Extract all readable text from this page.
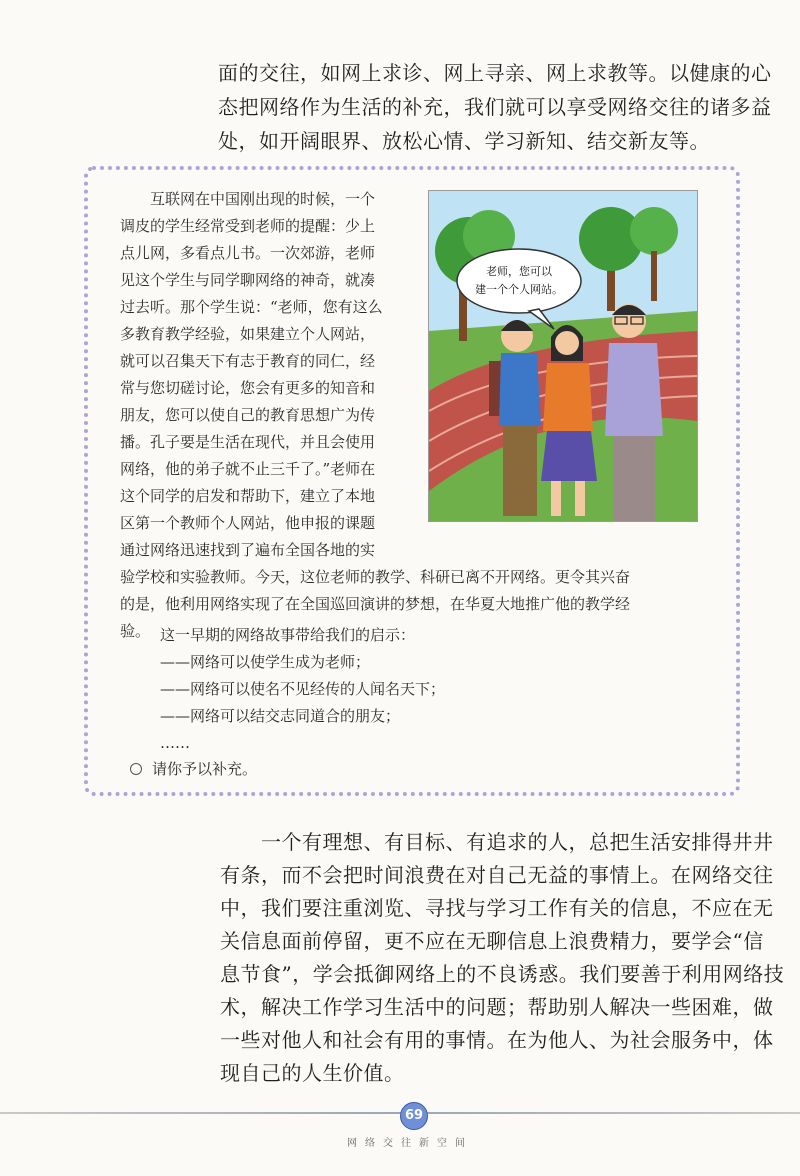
面的交往，如网上求诊、网上寻亲、网上求教等。以健康的心

态把网络作为生活的补充，我们就可以享受网络交往的诸多益

处，如开阔眼界、放松心情、学习新知、结交新友等。

　　互联网在中国刚出现的时候，一个

调皮的学生经常受到老师的提醒：少上

点儿网，多看点儿书。一次郊游，老师

见这个学生与同学聊网络的神奇，就凑

过去听。那个学生说：“老师，您有这么

多教育教学经验，如果建立个人网站，

就可以召集天下有志于教育的同仁，经

常与您切磋讨论，您会有更多的知音和

朋友，您可以使自己的教育思想广为传

播。孔子要是生活在现代，并且会使用

网络，他的弟子就不止三千了。”老师在

这个同学的启发和帮助下，建立了本地

区第一个教师个人网站，他申报的课题

通过网络迅速找到了遍布全国各地的实

验学校和实验教师。今天，这位老师的教学、科研已离不开网络。更令其兴奋

的是，他利用网络实现了在全国巡回演讲的梦想，在华夏大地推广他的教学经

验。

老师，您可以
建一个个人网站。

这一早期的网络故事带给我们的启示：

——网络可以使学生成为老师；

——网络可以使名不见经传的人闻名天下；

——网络可以结交志同道合的朋友；

……

请你予以补充。

　　一个有理想、有目标、有追求的人，总把生活安排得井井

有条，而不会把时间浪费在对自己无益的事情上。在网络交往

中，我们要注重浏览、寻找与学习工作有关的信息，不应在无

关信息面前停留，更不应在无聊信息上浪费精力，要学会“信

息节食”，学会抵御网络上的不良诱惑。我们要善于利用网络技

术，解决工作学习生活中的问题；帮助别人解决一些困难，做

一些对他人和社会有用的事情。在为他人、为社会服务中，体

现自己的人生价值。

69
网络交往新空间
